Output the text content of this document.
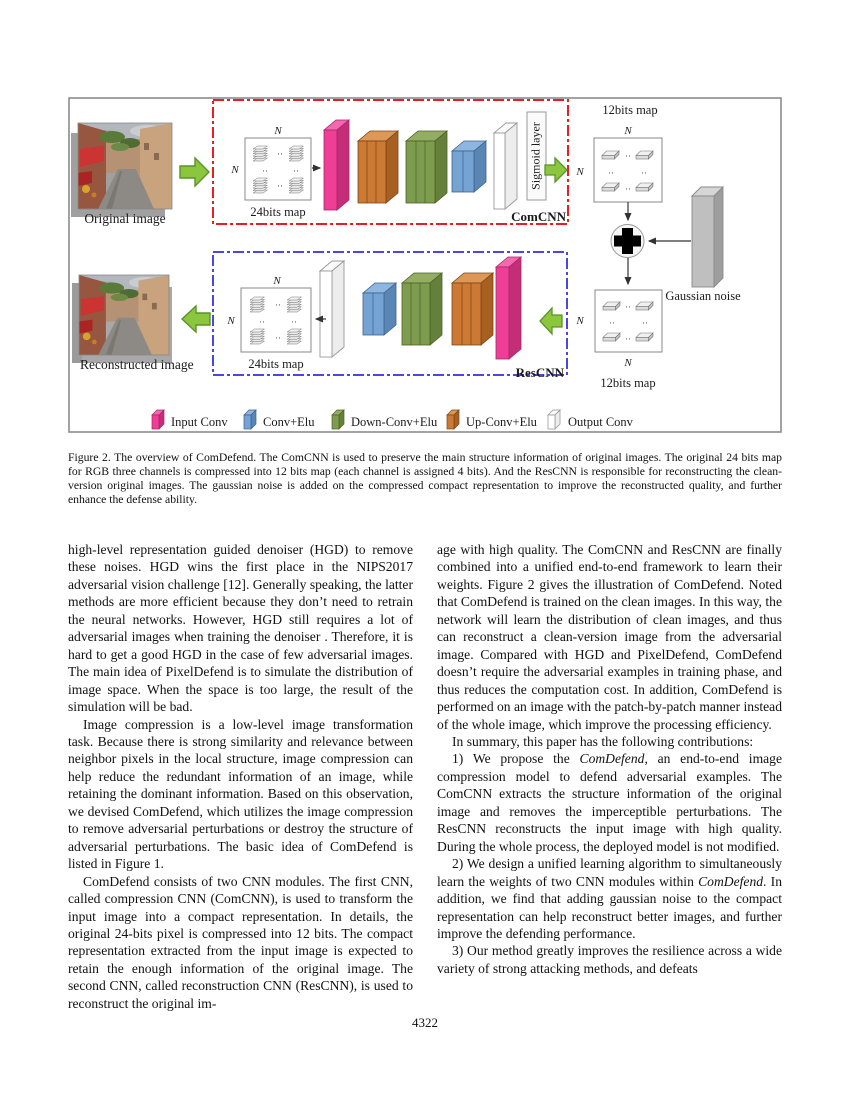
Original image	ComCNN
··
··	··
··
N
N
24bits map
Sigmoid layer
12bits map
N
N
··
··	··
··
Gaussian noise
··
··	··
··
N
N
12bits map
ResCNN
N
N
··
··	··
··
24bits map
Reconstructed image
Input Conv	Conv+Elu	Down-Conv+Elu Up-Conv+Elu Output Conv
Figure 2. The overview of ComDefend. The ComCNN is used to preserve the main structure information of original images. The original 24 bits map for RGB three channels is compressed into 12 bits map (each channel is assigned 4 bits). And the ResCNN is responsible for reconstructing the clean-version original images. The gaussian noise is added on the compressed compact representation to improve the reconstructed quality, and further enhance the defense ability.

high-level representation guided denoiser (HGD) to remove these noises. HGD wins the first place in the NIPS2017 adversarial vision challenge [12]. Generally speaking, the latter methods are more efficient because they don’t need to retrain the neural networks. However, HGD still requires a lot of adversarial images when training the denoiser . Therefore, it is hard to get a good HGD in the case of few adversarial images. The main idea of PixelDefend is to simulate the distribution of image space. When the space is too large, the result of the simulation will be bad.

Image compression is a low-level image transformation task. Because there is strong similarity and relevance between neighbor pixels in the local structure, image compression can help reduce the redundant information of an image, while retaining the dominant information. Based on this observation, we devised ComDefend, which utilizes the image compression to remove adversarial perturbations or destroy the structure of adversarial perturbations. The basic idea of ComDefend is listed in Figure 1.

ComDefend consists of two CNN modules. The first CNN, called compression CNN (ComCNN), is used to transform the input image into a compact representation. In details, the original 24-bits pixel is compressed into 12 bits. The compact representation extracted from the input image is expected to retain the enough information of the original image. The second CNN, called reconstruction CNN (ResCNN), is used to reconstruct the original im-

age with high quality. The ComCNN and ResCNN are finally combined into a unified end-to-end framework to learn their weights. Figure 2 gives the illustration of ComDefend. Noted that ComDefend is trained on the clean images. In this way, the network will learn the distribution of clean images, and thus can reconstruct a clean-version image from the adversarial image. Compared with HGD and PixelDefend, ComDefend doesn’t require the adversarial examples in training phase, and thus reduces the computation cost. In addition, ComDefend is performed on an image with the patch-by-patch manner instead of the whole image, which improve the processing efficiency.

In summary, this paper has the following contributions:

1) We propose the ComDefend, an end-to-end image compression model to defend adversarial examples. The ComCNN extracts the structure information of the original image and removes the imperceptible perturbations. The ResCNN reconstructs the input image with high quality. During the whole process, the deployed model is not modified.

2) We design a unified learning algorithm to simultaneously learn the weights of two CNN modules within ComDefend. In addition, we find that adding gaussian noise to the compact representation can help reconstruct better images, and further improve the defending performance.

3) Our method greatly improves the resilience across a wide variety of strong attacking methods, and defeats

4322
